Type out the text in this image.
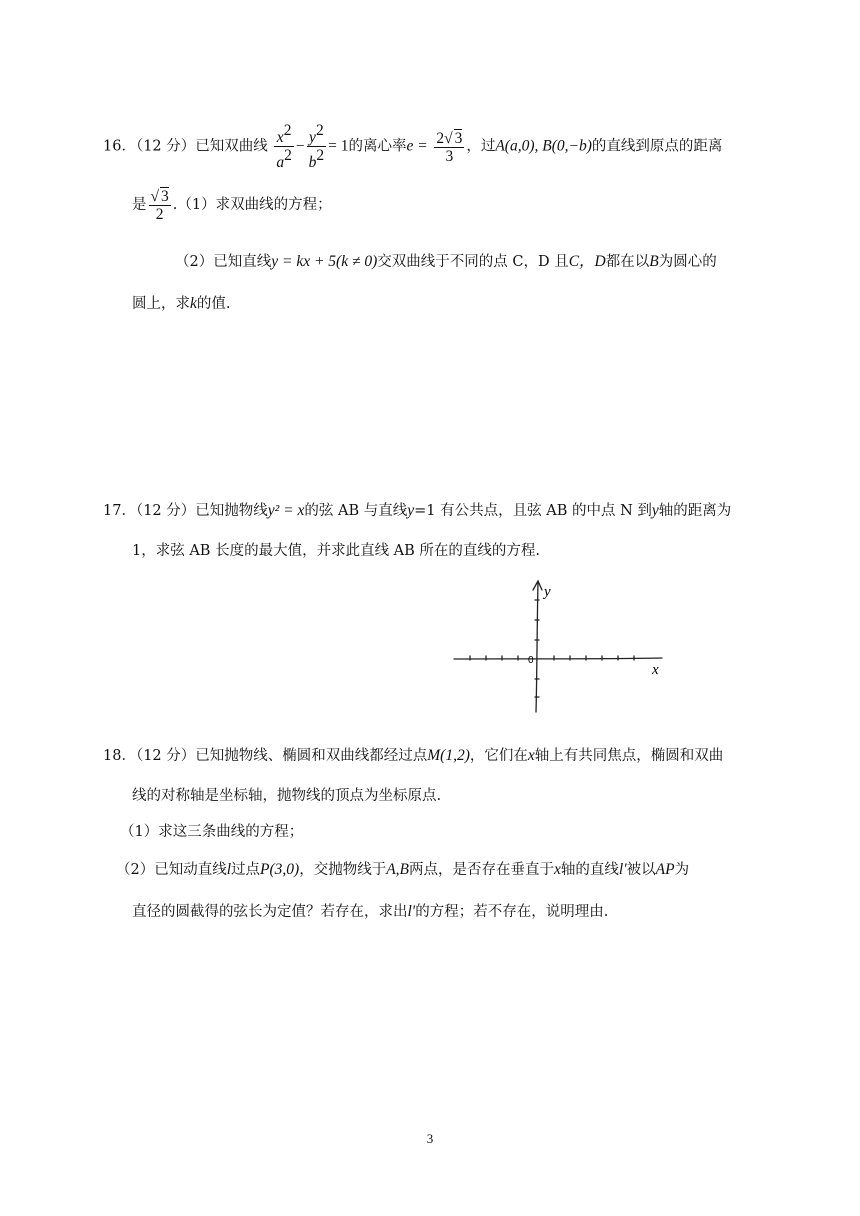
16．（12 分）已知双曲线 $\frac{x^2}{a^2} - \frac{y^2}{b^2} = 1$的离心率$e = \frac{2√ 3}{3}$ ，过A(a,0), B(0,−b)的直线到原点的距离
是 $\frac{√ 3}{2} .(1)$求双曲线的方程；
（2）已知直线y = kx + 5(k ≠ 0)交双曲线于不同的点 C，D 且C，D都在以B为圆心的
圆上，求k的值.
17．（12 分）已知抛物线y² = x的弦 AB 与直线y=1 有公共点，且弦 AB 的中点 N 到y轴的距离为
1，求弦 AB 长度的最大值，并求此直线 AB 所在的直线的方程.
0
y
x
18．（12 分）已知抛物线、椭圆和双曲线都经过点M(1,2)，它们在x轴上有共同焦点，椭圆和双曲
线的对称轴是坐标轴，抛物线的顶点为坐标原点.
（1）求这三条曲线的方程；
（2）已知动直线l过点P(3,0)，交抛物线于A,B两点，是否存在垂直于x轴的直线l′被以AP为
直径的圆截得的弦长为定值？若存在，求出l′的方程；若不存在，说明理由.
3
